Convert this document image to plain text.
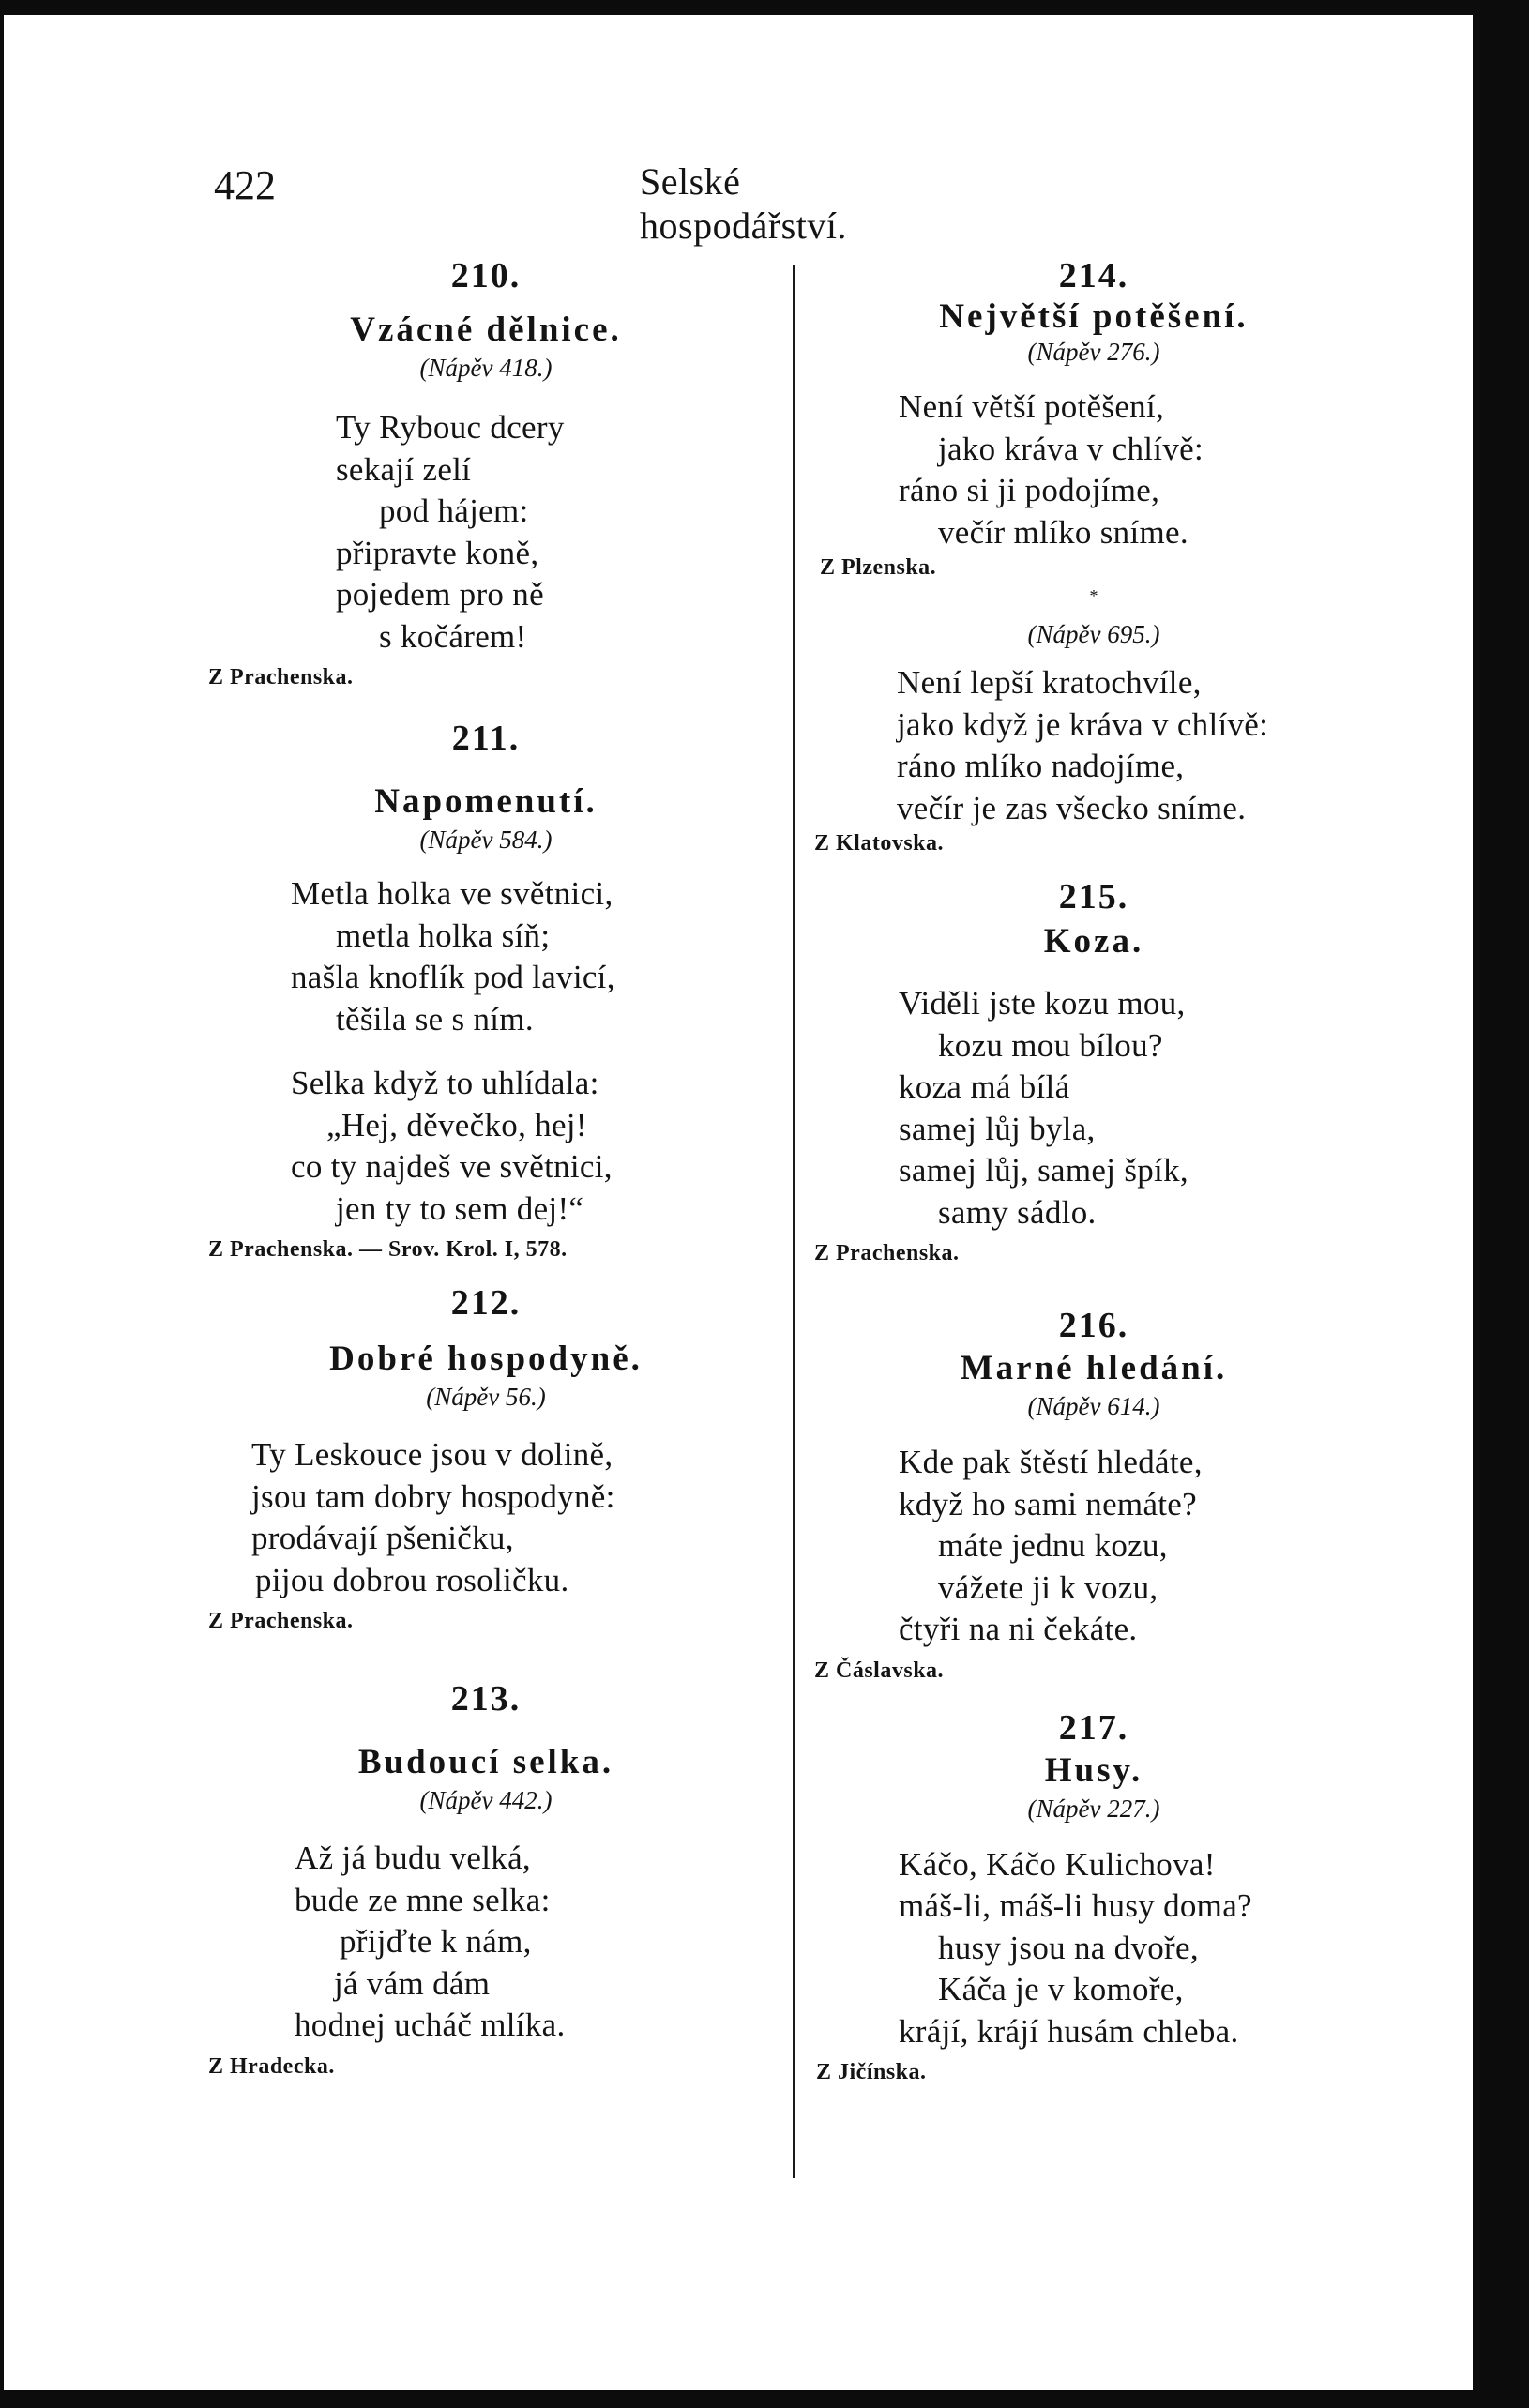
422	Selské hospodářství.
210.
Vzácné dělnice.
(Nápěv 418.)
Ty Rybouc dcery
sekají zelí
pod hájem:
připravte koně,
pojedem pro ně
s kočárem!
Z Prachenska.
211.
Napomenutí.
(Nápěv 584.)
Metla holka ve světnici,
metla holka síň;
našla knoflík pod lavicí,
těšila se s ním.
Selka když to uhlídala:
„Hej, děvečko, hej!
co ty najdeš ve světnici,
jen ty to sem dej!“
Z Prachenska. — Srov. Krol. I, 578.
212.
Dobré hospodyně.
(Nápěv 56.)
Ty Leskouce jsou v dolině,
jsou tam dobry hospodyně:
prodávají pšeničku,
pijou dobrou rosoličku.
Z Prachenska.
213.
Budoucí selka.
(Nápěv 442.)
Až já budu velká,
bude ze mne selka:
přijďte k nám,
já vám dám
hodnej ucháč mlíka.
Z Hradecka.
214.
Největší potěšení.
(Nápěv 276.)
Není větší potěšení,
jako kráva v chlívě:
ráno si ji podojíme,
večír mlíko sníme.
Z Plzenska.
*
(Nápěv 695.)
Není lepší kratochvíle,
jako když je kráva v chlívě:
ráno mlíko nadojíme,
večír je zas všecko sníme.
Z Klatovska.
215.
Koza.
Viděli jste kozu mou,
kozu mou bílou?
koza má bílá
samej lůj byla,
samej lůj, samej špík,
samy sádlo.
Z Prachenska.
216.
Marné hledání.
(Nápěv 614.)
Kde pak štěstí hledáte,
když ho sami nemáte?
máte jednu kozu,
vážete ji k vozu,
čtyři na ni čekáte.
Z Čáslavska.
217.
Husy.
(Nápěv 227.)
Káčo, Káčo Kulichova!
máš-li, máš-li husy doma?
husy jsou na dvoře,
Káča je v komoře,
krájí, krájí husám chleba.
Z Jičínska.
